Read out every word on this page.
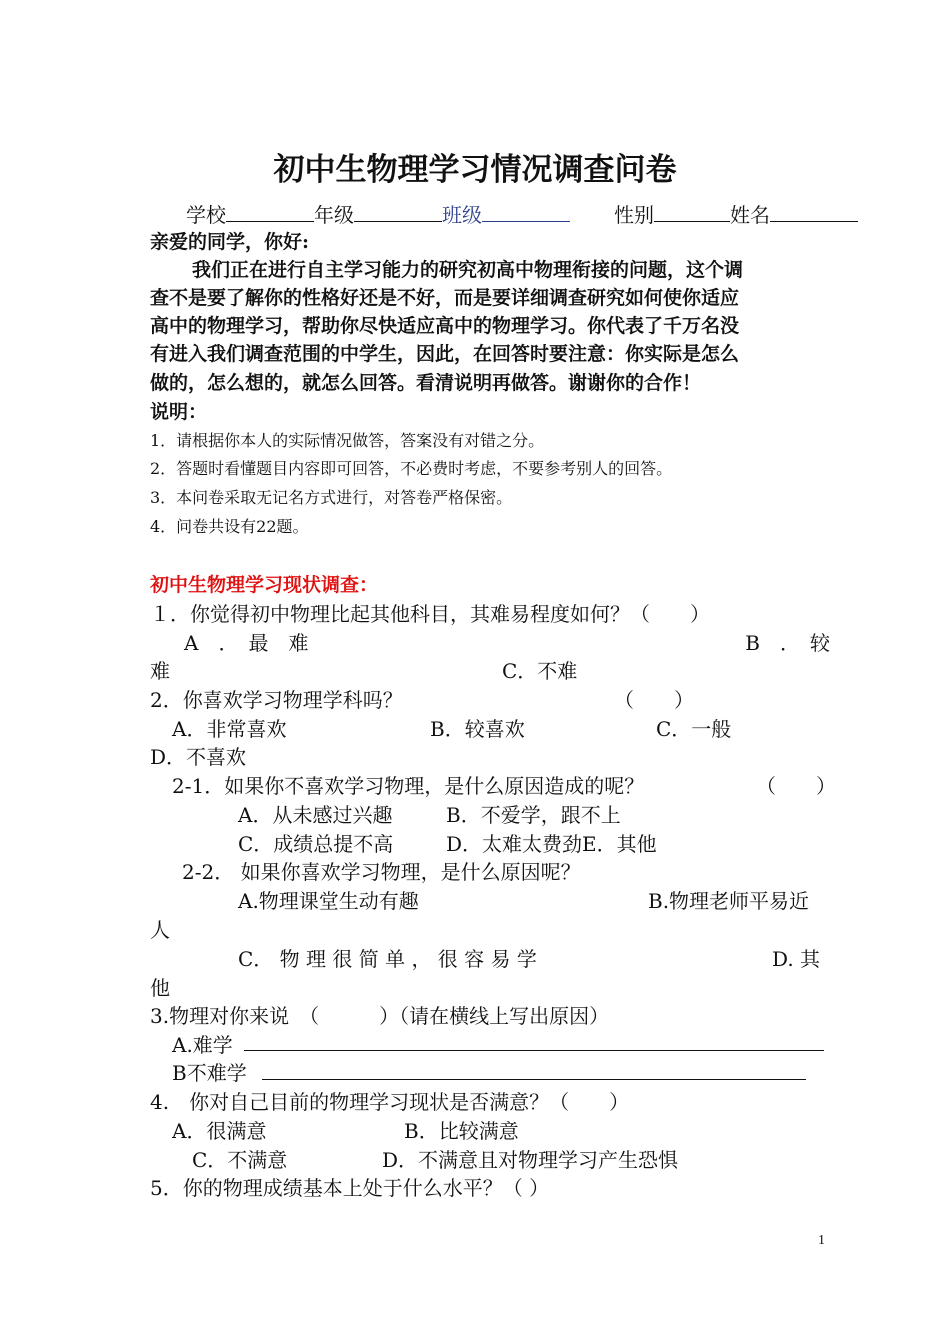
初中生物理学习情况调查问卷
学校	年级	班级	性别	姓名
亲爱的同学，你好:
我们正在进行自主学习能力的研究初高中物理衔接的问题，这个调
查不是要了解你的性格好还是不好，而是要详细调查研究如何使你适应
高中的物理学习，帮助你尽快适应高中的物理学习。你代表了千万名没
有进入我们调查范围的中学生，因此，在回答时要注意：你实际是怎么
做的，怎么想的，就怎么回答。看清说明再做答。谢谢你的合作！
说明：
1．请根据你本人的实际情况做答，答案没有对错之分。
2．答题时看懂题目内容即可回答，不必费时考虑，不要参考别人的回答。
3．本问卷采取无记名方式进行，对答卷严格保密。
4．问卷共设有22题。
初中生物理学习现状调查：
１．你觉得初中物理比起其他科目，其难易程度如何？（　　）
A　．　最　难	B　．　较
难	C．不难
2．你喜欢学习物理学科吗？	（　　）
A．非常喜欢	B．较喜欢	C．一般
D．不喜欢
2-1．如果你不喜欢学习物理，是什么原因造成的呢？	（　　）
A．从未感过兴趣	B．不爱学，跟不上
C．成绩总提不高	D．太难太费劲E．其他
2-2． 如果你喜欢学习物理，是什么原因呢？
A.物理课堂生动有趣	B.物理老师平易近
人
C． 物 理 很 简 单 ， 很 容 易 学	D. 其
他
3.物理对你来说　（　　　）（请在横线上写出原因）
A.难学
B不难学
4.　你对自己目前的物理学习现状是否满意？（　　）
A．很满意	B．比较满意
C．不满意	D．不满意且对物理学习产生恐惧
5．你的物理成绩基本上处于什么水平？（ ）
1
